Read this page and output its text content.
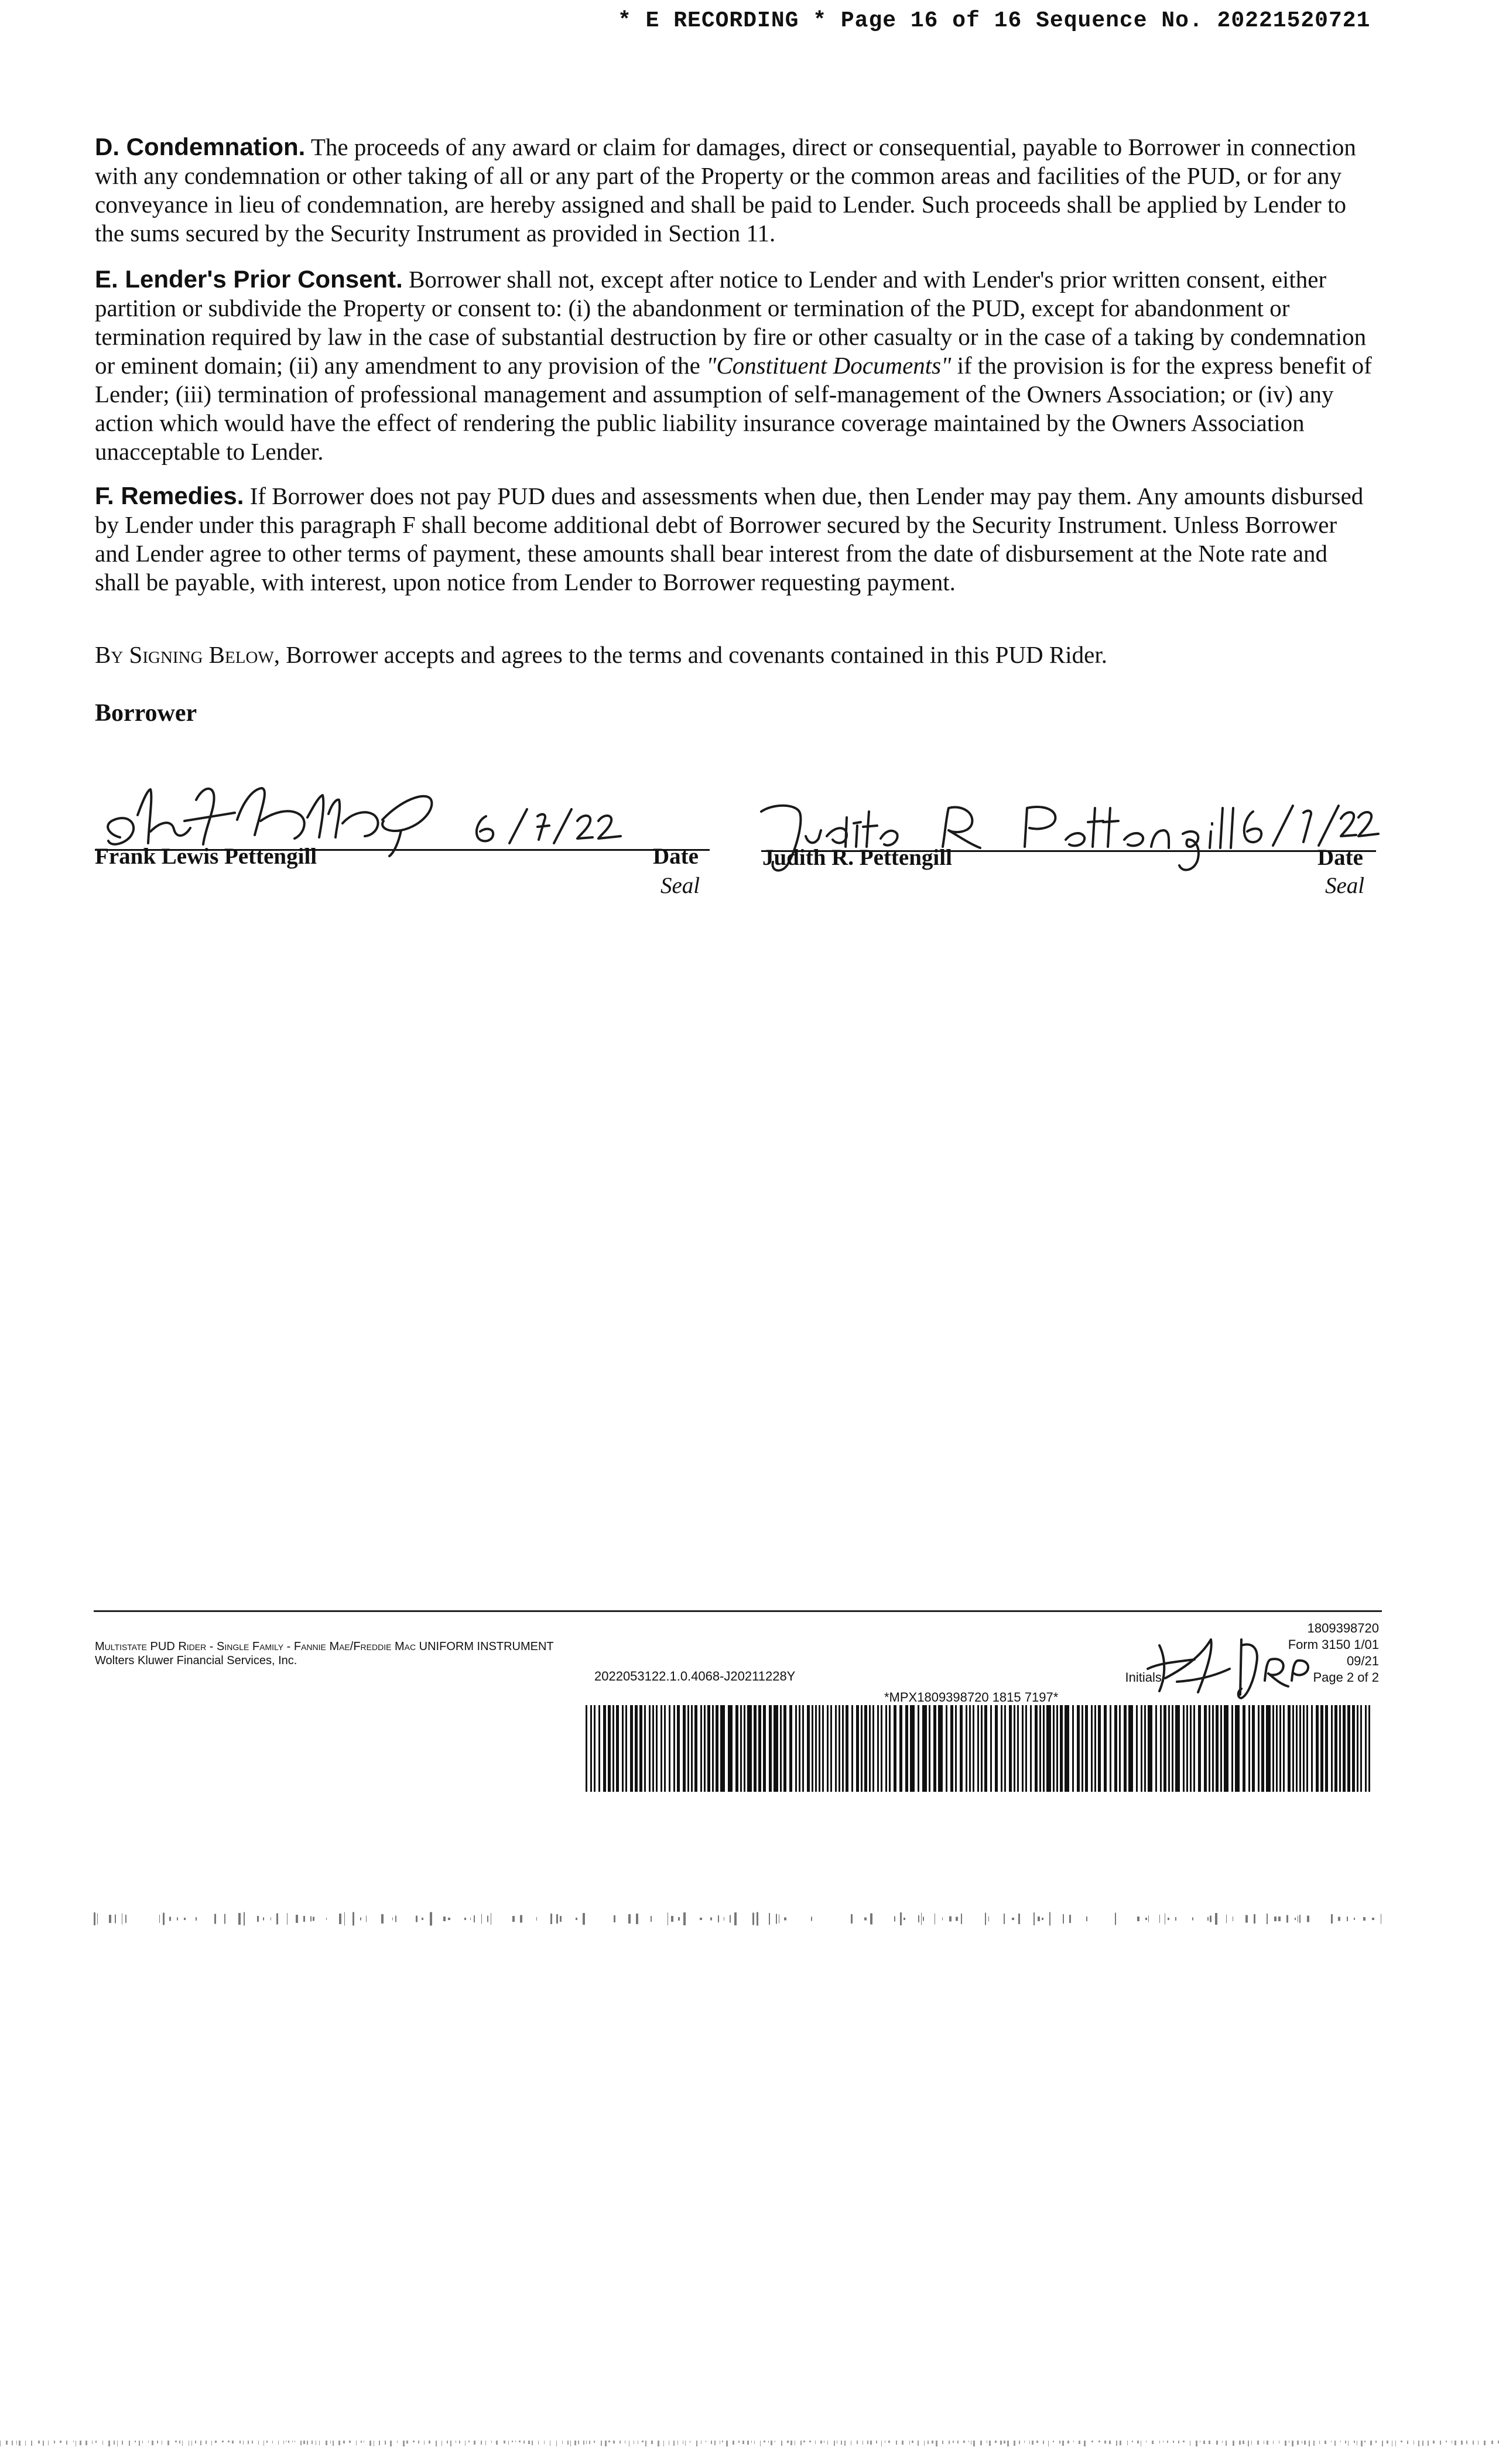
* E RECORDING * Page 16 of 16 Sequence No. 20221520721

D. Condemnation. The proceeds of any award or claim for damages, direct or consequential, payable to Borrower in connection with any condemnation or other taking of all or any part of the Property or the common areas and facilities of the PUD, or for any conveyance in lieu of condemnation, are hereby assigned and shall be paid to Lender. Such proceeds shall be applied by Lender to the sums secured by the Security Instrument as provided in Section 11.

E. Lender's Prior Consent. Borrower shall not, except after notice to Lender and with Lender's prior written consent, either partition or subdivide the Property or consent to: (i) the abandonment or termination of the PUD, except for abandonment or termination required by law in the case of substantial destruction by fire or other casualty or in the case of a taking by condemnation or eminent domain; (ii) any amendment to any provision of the "Constituent Documents" if the provision is for the express benefit of Lender; (iii) termination of professional management and assumption of self-management of the Owners Association; or (iv) any action which would have the effect of rendering the public liability insurance coverage maintained by the Owners Association unacceptable to Lender.

F. Remedies. If Borrower does not pay PUD dues and assessments when due, then Lender may pay them. Any amounts disbursed by Lender under this paragraph F shall become additional debt of Borrower secured by the Security Instrument. Unless Borrower and Lender agree to other terms of payment, these amounts shall bear interest from the date of disbursement at the Note rate and shall be payable, with interest, upon notice from Lender to Borrower requesting payment.

By Signing Below, Borrower accepts and agrees to the terms and covenants contained in this PUD Rider.

Borrower
Frank Lewis Pettengill	Date
Seal
Judith R. Pettengill	Date
Seal
Multistate PUD Rider - Single Family - Fannie Mae/Freddie Mac UNIFORM INSTRUMENT
Wolters Kluwer Financial Services, Inc.
2022053122.1.0.4068-J20211228Y
1809398720
Form 3150 1/01
09/21
Initials:	Page 2 of 2
*MPX1809398720 1815 7197*
